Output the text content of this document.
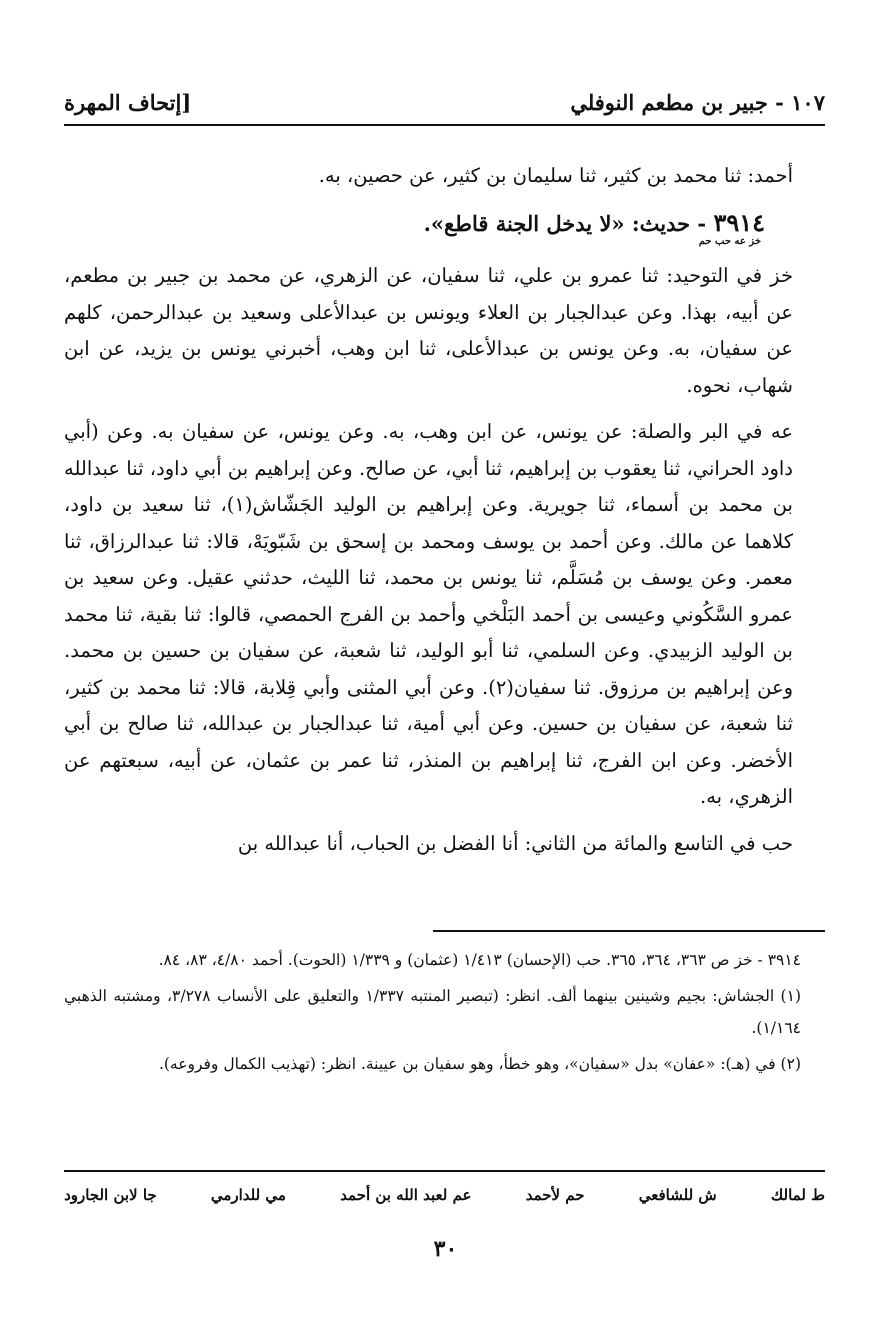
١٠٧ - جبير بن مطعم النوفلي
[إتحاف المهرة

أحمد: ثنا محمد بن كثير، ثنا سليمان بن كثير، عن حصين، به.

٣٩١٤ - حديث: «لا يدخل الجنة قاطع».
خز عه حب حم

خز في التوحيد: ثنا عمرو بن علي، ثنا سفيان، عن الزهري، عن محمد بن جبير بن مطعم، عن أبيه، بهذا. وعن عبدالجبار بن العلاء ويونس بن عبدالأعلى وسعيد بن عبدالرحمن، كلهم عن سفيان، به. وعن يونس بن عبدالأعلى، ثنا ابن وهب، أخبرني يونس بن يزيد، عن ابن شهاب، نحوه.

عه في البر والصلة: عن يونس، عن ابن وهب، به. وعن يونس، عن سفيان به. وعن (أبي داود الحراني، ثنا يعقوب بن إبراهيم، ثنا أبي، عن صالح. وعن إبراهيم بن أبي داود، ثنا عبدالله بن محمد بن أسماء، ثنا جويرية. وعن إبراهيم بن الوليد الجَشّاش(١)، ثنا سعيد بن داود، كلاهما عن مالك. وعن أحمد بن يوسف ومحمد بن إسحق بن شَبّويَهْ، قالا: ثنا عبدالرزاق، ثنا معمر. وعن يوسف بن مُسَلَّم، ثنا يونس بن محمد، ثنا الليث، حدثني عقيل. وعن سعيد بن عمرو السَّكُوني وعيسى بن أحمد البَلْخي وأحمد بن الفرج الحمصي، قالوا: ثنا بقية، ثنا محمد بن الوليد الزبيدي. وعن السلمي، ثنا أبو الوليد، ثنا شعبة، عن سفيان بن حسين بن محمد. وعن إبراهيم بن مرزوق. ثنا سفيان(٢). وعن أبي المثنى وأبي قِلابة، قالا: ثنا محمد بن كثير، ثنا شعبة، عن سفيان بن حسين. وعن أبي أمية، ثنا عبدالجبار بن عبدالله، ثنا صالح بن أبي الأخضر. وعن ابن الفرج، ثنا إبراهيم بن المنذر، ثنا عمر بن عثمان، عن أبيه، سبعتهم عن الزهري، به.

حب في التاسع والمائة من الثاني: أنا الفضل بن الحباب، أنا عبدالله بن

٣٩١٤ - خز ص ٣٦٣، ٣٦٤، ٣٦٥. حب (الإحسان) ١/٤١٣ (عثمان) و ١/٣٣٩ (الحوت). أحمد ٤/٨٠، ٨٣، ٨٤.

(١) الجشاش: بجيم وشينين بينهما ألف. انظر: (تبصير المنتبه ١/٣٣٧ والتعليق على الأنساب ٣/٢٧٨، ومشتبه الذهبي ١/١٦٤).

(٢) في (هـ): «عفان» بدل «سفيان»، وهو خطأ، وهو سفيان بن عيينة. انظر: (تهذيب الكمال وفروعه).

ط لمالك
ش للشافعي
حم لأحمد
عم لعبد الله بن أحمد
مي للدارمي
جا لابن الجارود
٣٠
